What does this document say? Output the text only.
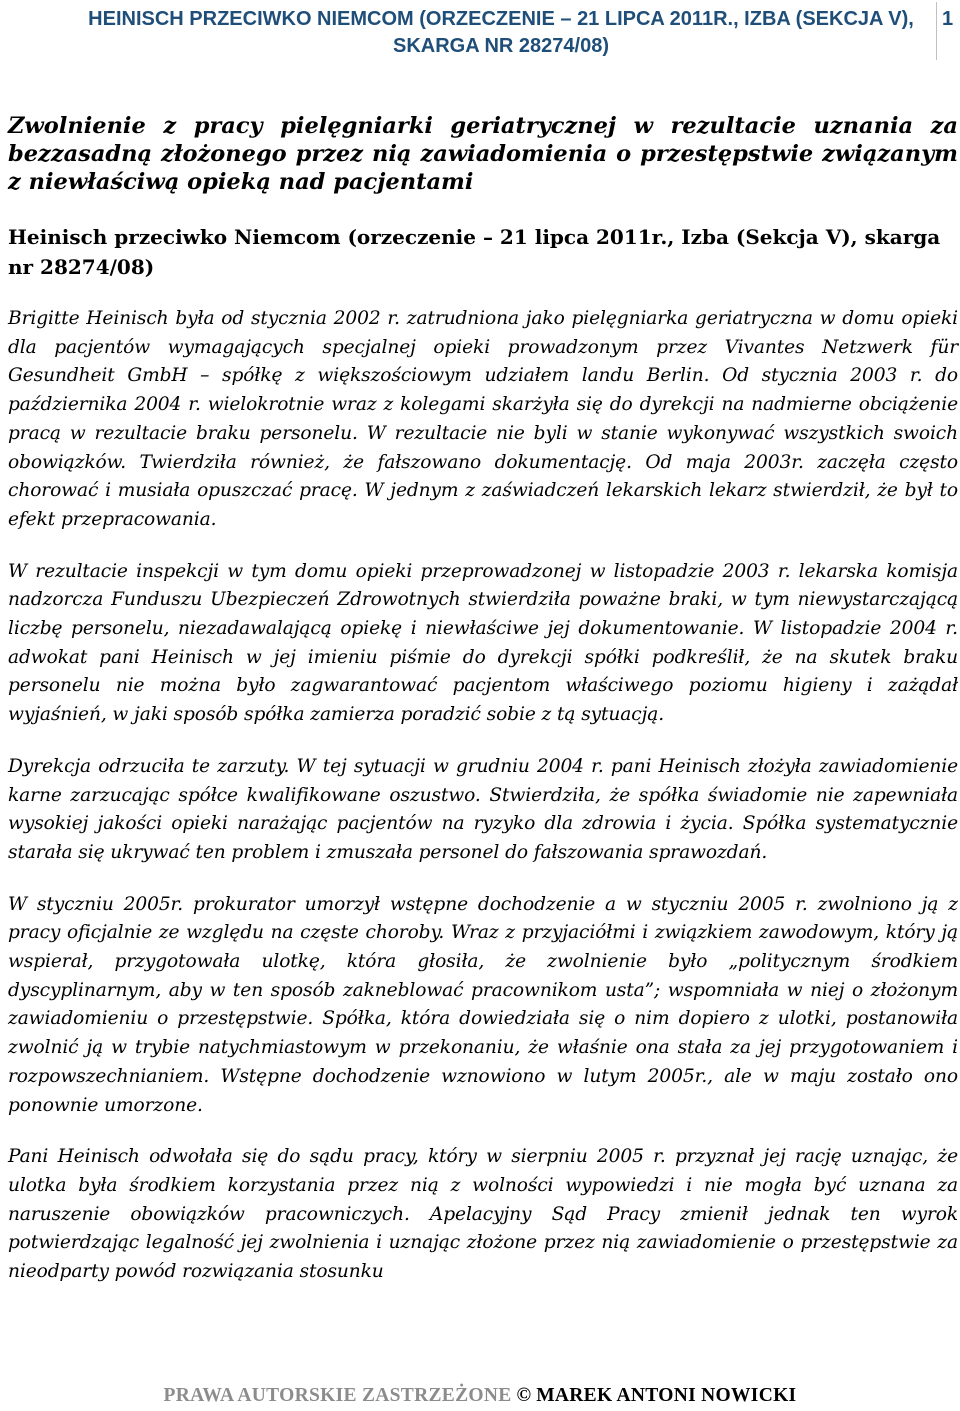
HEINISCH PRZECIWKO NIEMCOM (ORZECZENIE – 21 LIPCA 2011R., IZBA (SEKCJA V),
SKARGA NR 28274/08)
1

Zwolnienie z pracy pielęgniarki geriatrycznej w rezultacie uznania za bezzasadną złożonego przez nią zawiadomienia o przestępstwie związanym z niewłaściwą opieką nad pacjentami

Heinisch przeciwko Niemcom (orzeczenie – 21 lipca 2011r., Izba (Sekcja V), skarga nr 28274/08)

Brigitte Heinisch była od stycznia 2002 r. zatrudniona jako pielęgniarka geriatryczna w domu opieki dla pacjentów wymagających specjalnej opieki prowadzonym przez Vivantes Netzwerk für Gesundheit GmbH – spółkę z większościowym udziałem landu Berlin. Od stycznia 2003 r. do października 2004 r. wielokrotnie wraz z kolegami skarżyła się do dyrekcji na nadmierne obciążenie pracą w rezultacie braku personelu. W rezultacie nie byli w stanie wykonywać wszystkich swoich obowiązków. Twierdziła również, że fałszowano dokumentację. Od maja 2003r. zaczęła często chorować i musiała opuszczać pracę. W jednym z zaświadczeń lekarskich lekarz stwierdził, że był to efekt przepracowania.

W rezultacie inspekcji w tym domu opieki przeprowadzonej w listopadzie 2003 r. lekarska komisja nadzorcza Funduszu Ubezpieczeń Zdrowotnych stwierdziła poważne braki, w tym niewystarczającą liczbę personelu, niezadawalającą opiekę i niewłaściwe jej dokumentowanie. W listopadzie 2004 r. adwokat pani Heinisch w jej imieniu piśmie do dyrekcji spółki podkreślił, że na skutek braku personelu nie można było zagwarantować pacjentom właściwego poziomu higieny i zażądał wyjaśnień, w jaki sposób spółka zamierza poradzić sobie z tą sytuacją.

Dyrekcja odrzuciła te zarzuty. W tej sytuacji w grudniu 2004 r. pani Heinisch złożyła zawiadomienie karne zarzucając spółce kwalifikowane oszustwo. Stwierdziła, że spółka świadomie nie zapewniała wysokiej jakości opieki narażając pacjentów na ryzyko dla zdrowia i życia. Spółka systematycznie starała się ukrywać ten problem i zmuszała personel do fałszowania sprawozdań.

W styczniu 2005r. prokurator umorzył wstępne dochodzenie a w styczniu 2005 r. zwolniono ją z pracy oficjalnie ze względu na częste choroby. Wraz z przyjaciółmi i związkiem zawodowym, który ją wspierał, przygotowała ulotkę, która głosiła, że zwolnienie było „politycznym środkiem dyscyplinarnym, aby w ten sposób zakneblować pracownikom usta”; wspomniała w niej o złożonym zawiadomieniu o przestępstwie. Spółka, która dowiedziała się o nim dopiero z ulotki, postanowiła zwolnić ją w trybie natychmiastowym w przekonaniu, że właśnie ona stała za jej przygotowaniem i rozpowszechnianiem. Wstępne dochodzenie wznowiono w lutym 2005r., ale w maju zostało ono ponownie umorzone.

Pani Heinisch odwołała się do sądu pracy, który w sierpniu 2005 r. przyznał jej rację uznając, że ulotka była środkiem korzystania przez nią z wolności wypowiedzi i nie mogła być uznana za naruszenie obowiązków pracowniczych. Apelacyjny Sąd Pracy zmienił jednak ten wyrok potwierdzając legalność jej zwolnienia i uznając złożone przez nią zawiadomienie o przestępstwie za nieodparty powód rozwiązania stosunku

PRAWA AUTORSKIE ZASTRZEŻONE © MAREK ANTONI NOWICKI
